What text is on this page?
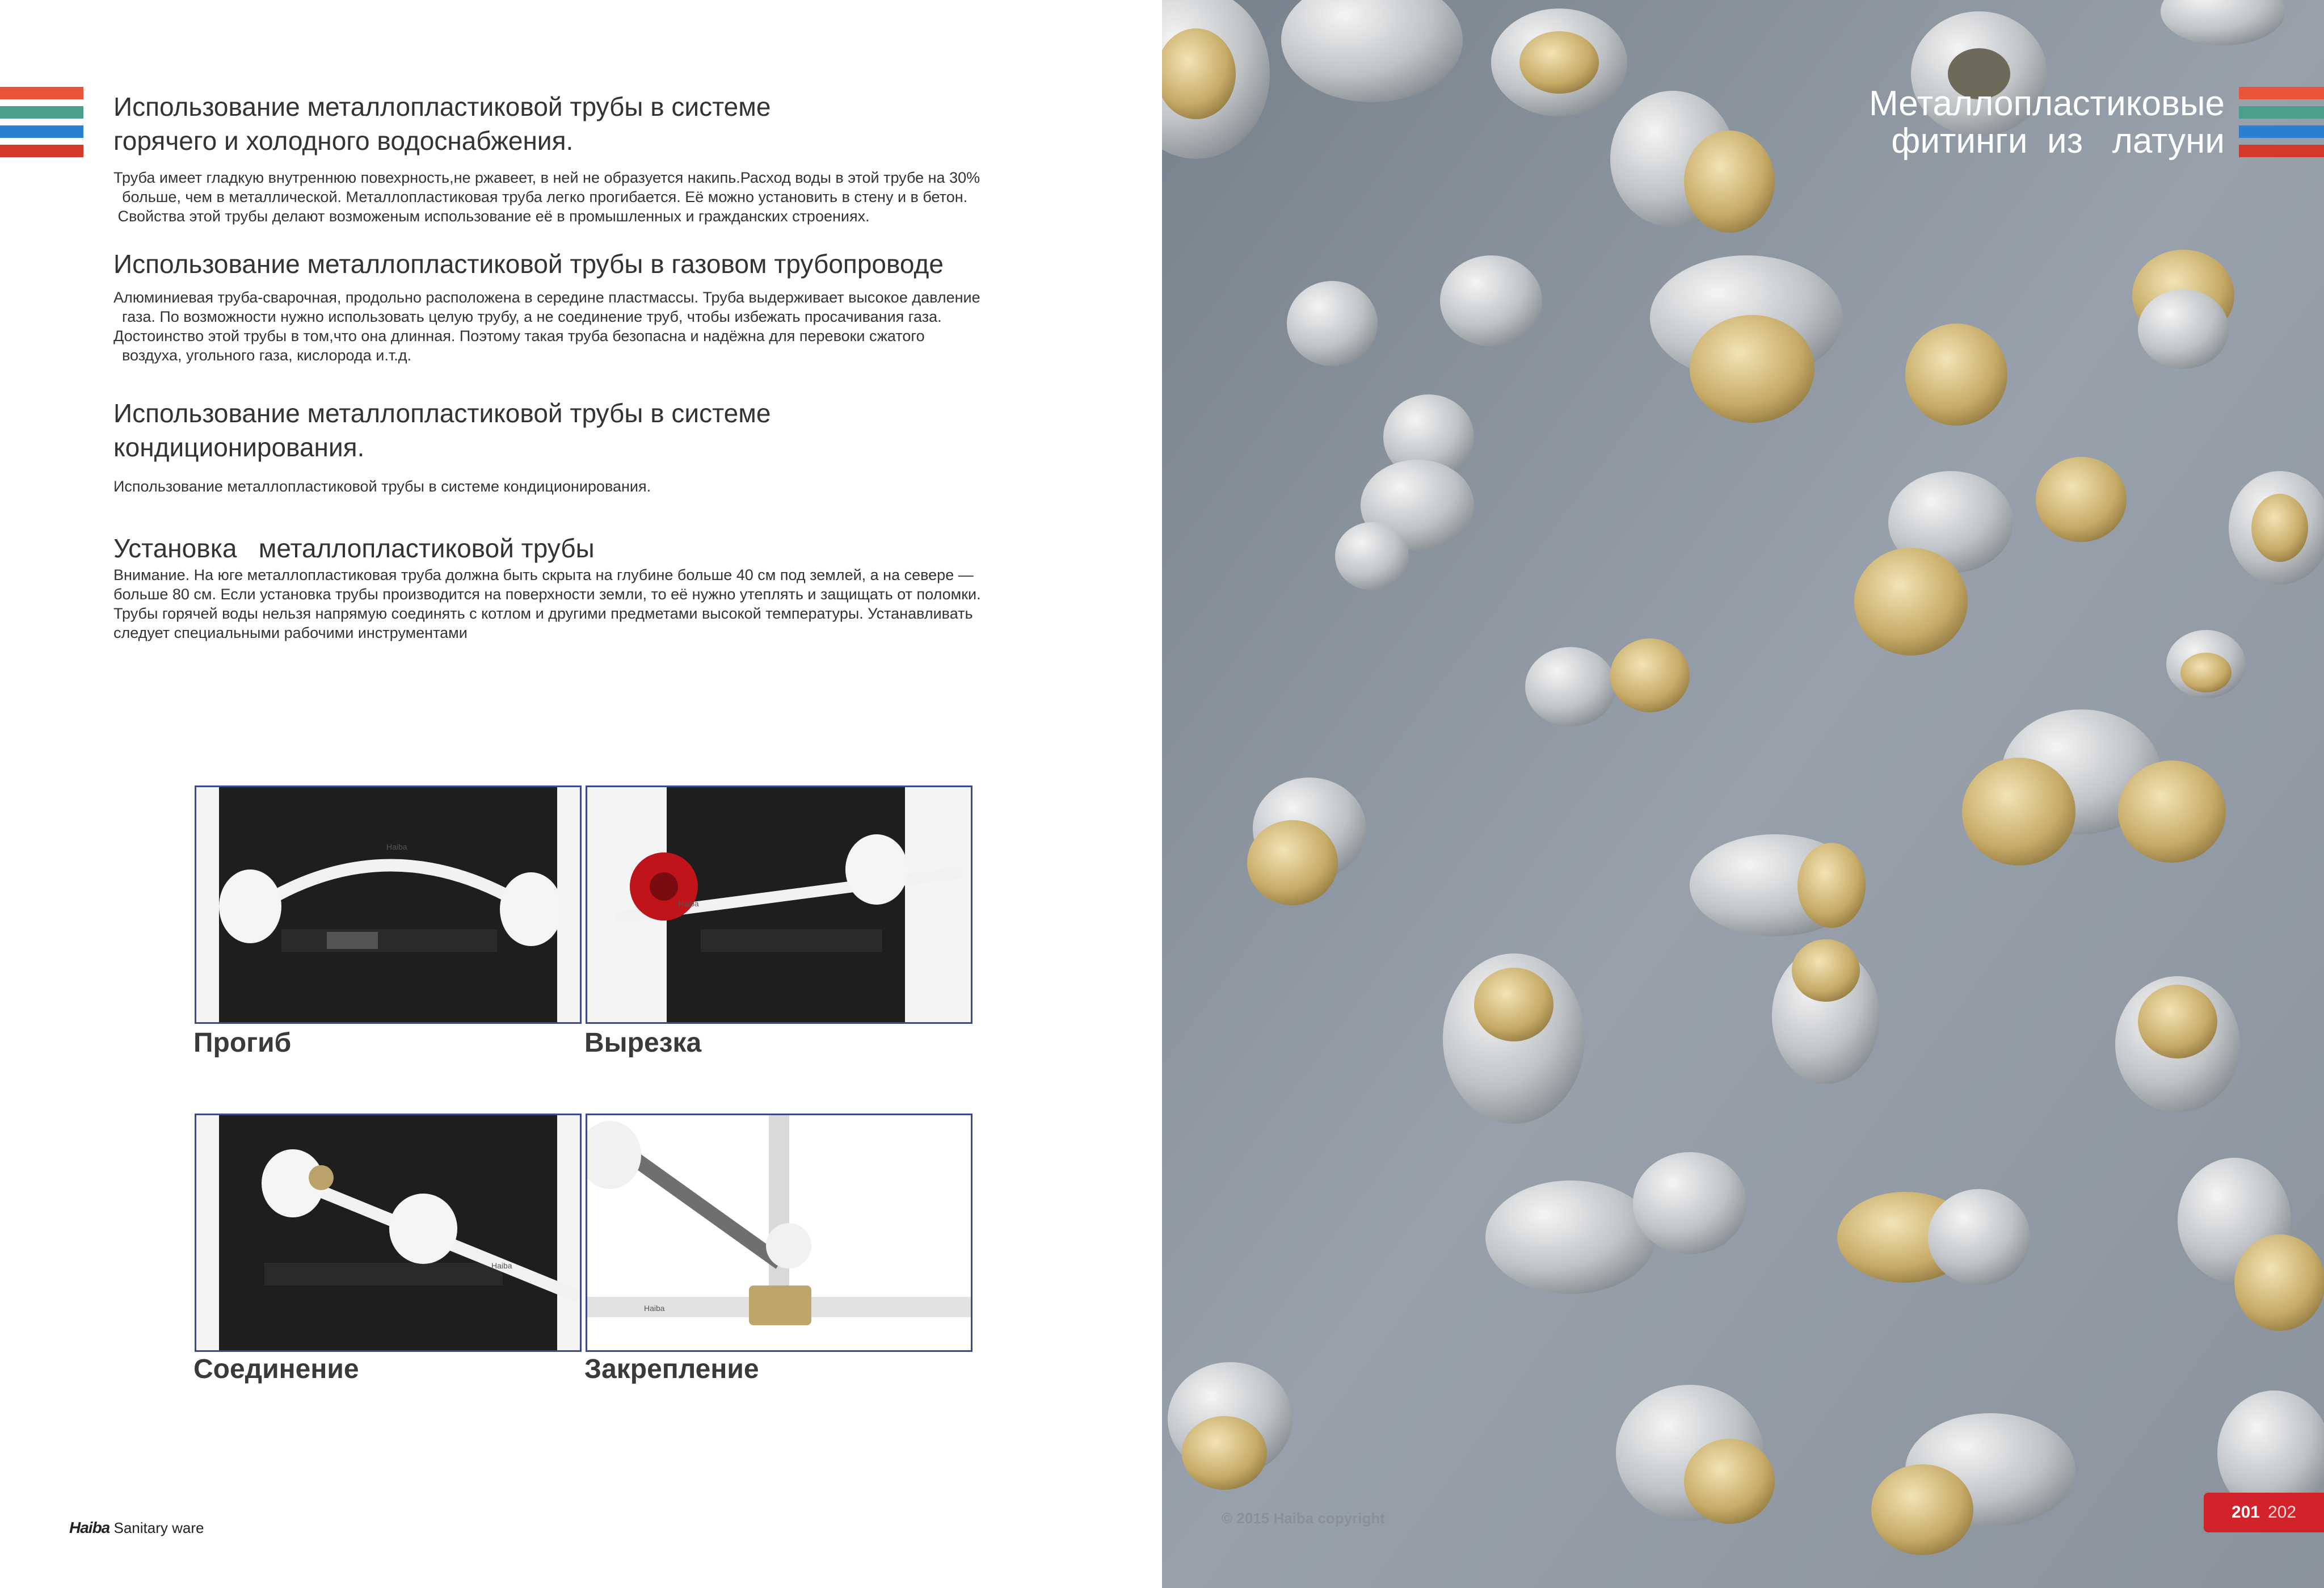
Использование металлопластиковой трубы в системе
горячего и холодного водоснабжения.

Труба имеет гладкую внутреннюю повехрность,не ржавеет, в ней не образуется накипь.Расход воды в этой трубе на 30%

больше, чем в металлической. Металлопластиковая труба легко прогибается. Её можно установить в стену и в бетон.

Свойства этой трубы делают возможеным использование её в промышленных и гражданских строениях.

Использование металлопластиковой трубы в газовом трубопроводе

Алюминиевая труба-сварочная, продольно расположена в середине пластмассы. Труба выдерживает высокое давление

газа. По возможности нужно использовать целую трубу, а не соединение труб, чтобы избежать просачивания газа.

Достоинство этой трубы в том,что она длинная. Поэтому такая труба безопасна и надёжна для перевоки сжатого

воздуха, угольного газа, кислорода и.т.д.

Использование металлопластиковой трубы в системе
кондиционирования.

Использование металлопластиковой трубы в системе кондиционирования.

Установка   металлопластиковой трубы

Внимание. На юге металлопластиковая труба должна быть скрыта на глубине больше 40 см под землей, а на севере —

больше 80 см. Если установка трубы производится на поверхности земли, то её нужно утеплять и защищать от поломки.

Трубы горячей воды нельзя напрямую соединять с котлом и другими предметами высокой температуры. Устанавливать

следует специальными рабочими инструментами

Haiba
Прогиб
Haiba
Вырезка
Haiba
Соединение
Haiba
Закрепление
Haiba Sanitary ware
Металлопластиковые
фитинги  из   латуни
© 2015 Haiba copyright	201 202
